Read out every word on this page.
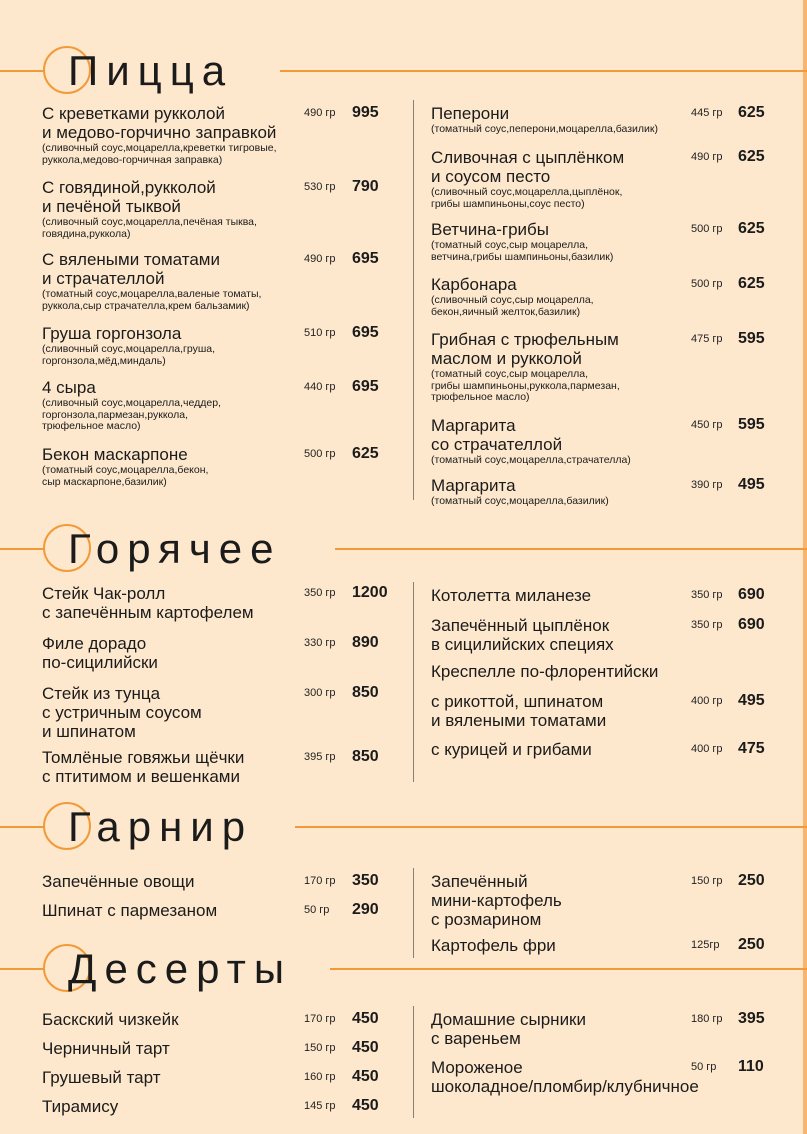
Пицца
С креветками рукколой
и медово-горчично заправкой
(сливочный соус,моцарелла,креветки тигровые,
руккола,медово-горчичная заправка)
490 гр 995
С говядиной,рукколой
и печёной тыквой
(сливочный соус,моцарелла,печёная тыква,
говядина,руккола)
530 гр 790
С вялеными томатами
и страчателлой
(томатный соус,моцарелла,валеные томаты,
руккола,сыр страчателла,крем бальзамик)
490 гр 695
Груша горгонзола
(сливочный соус,моцарелла,груша,
горгонзола,мёд,миндаль)
510 гр 695
4 сыра
(сливочный соус,моцарелла,чеддер,
горгонзола,пармезан,руккола,
трюфельное масло)
440 гр 695
Бекон маскарпоне
(томатный соус,моцарелла,бекон,
сыр маскарпоне,базилик)
500 гр 625
Пеперони
(томатный соус,пеперони,моцарелла,базилик)
445 гр 625
Сливочная с цыплёнком
и соусом песто
(сливочный соус,моцарелла,цыплёнок,
грибы шампиньоны,соус песто)
490 гр 625
Ветчина-грибы
(томатный соус,сыр моцарелла,
ветчина,грибы шампиньоны,базилик)
500 гр 625
Карбонара
(сливочный соус,сыр моцарелла,
бекон,яичный желток,базилик)
500 гр 625
Грибная с трюфельным
маслом и рукколой
(томатный соус,сыр моцарелла,
грибы шампиньоны,руккола,пармезан,
трюфельное масло)
475 гр 595
Маргарита
со страчателлой
(томатный соус,моцарелла,страчателла)
450 гр 595
Маргарита
(томатный соус,моцарелла,базилик)
390 гр 495
Горячее
Стейк Чак-ролл
с запечённым картофелем
350 гр 1200
Филе дорадо
по-сицилийски
330 гр 890
Стейк из тунца
с устричным соусом
и шпинатом
300 гр 850
Томлёные говяжьи щёчки
с птитимом и вешенками
395 гр 850
Котолетта миланезе	350 гр 690
Запечённый цыплёнок
в сицилийских специях
350 гр 690
Креспелле по-флорентийски
с рикоттой, шпинатом
и вялеными томатами
400 гр 495
с курицей и грибами	400 гр 475
Гарнир
Запечённые овощи	170 гр 350
Шпинат с пармезаном	50 гр 290
Запечённый
мини-картофель
с розмарином
150 гр 250
Картофель фри	125гр 250
Десерты
Баскский чизкейк	170 гр 450
Черничный тарт	150 гр 450
Грушевый тарт	160 гр 450
Тирамису	145 гр 450
Домашние сырники
с вареньем
180 гр 395
Мороженое
шоколадное/пломбир/клубничное
50 гр 110
